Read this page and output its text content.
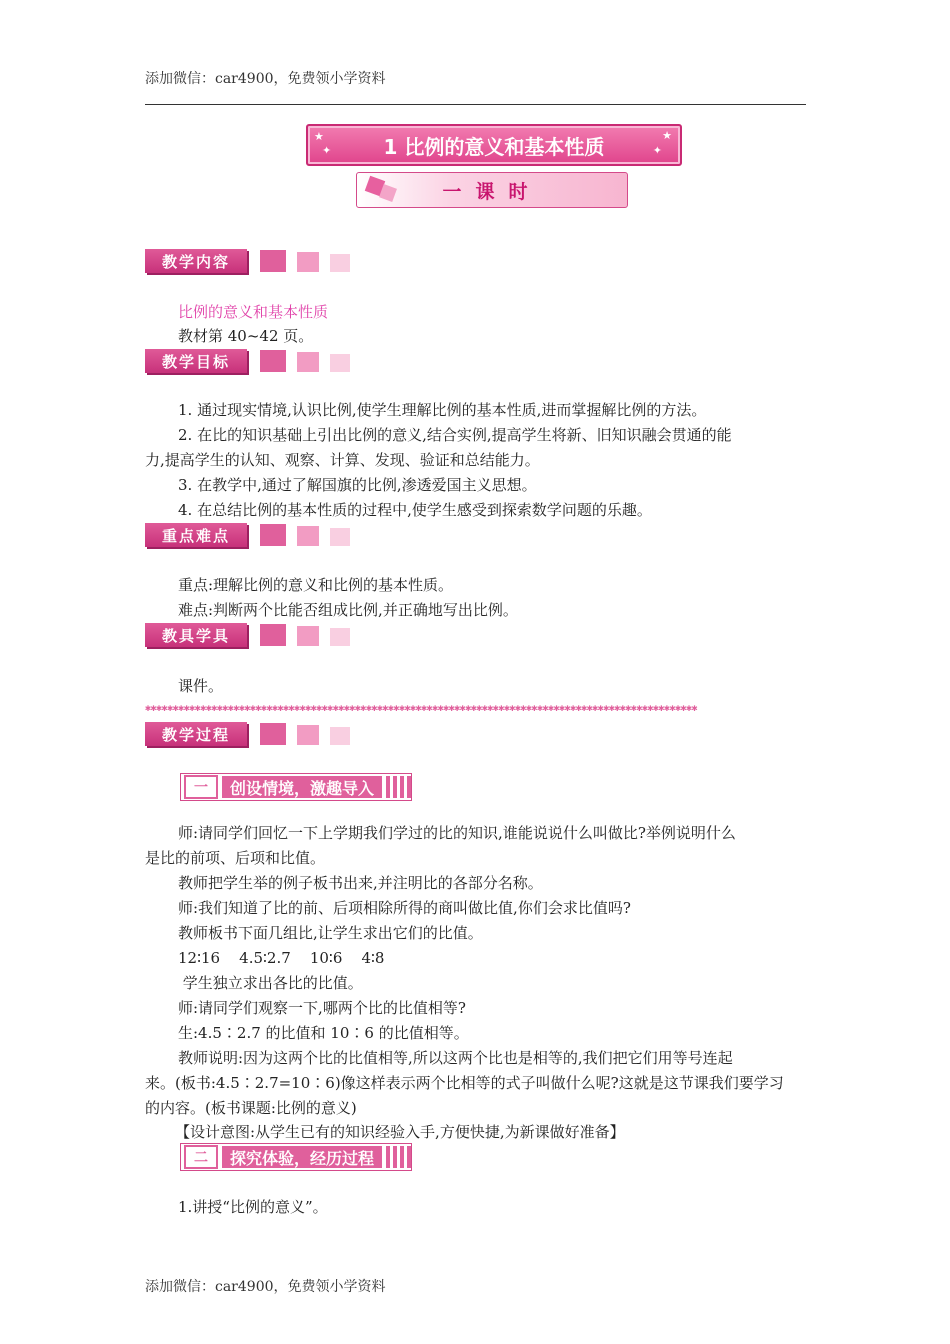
添加微信：car4900，免费领小学资料
★
✦
★
✦
1 比例的意义和基本性质
一课时
教学内容
比例的意义和基本性质
教材第 40~42 页。
教学目标
1. 通过现实情境,认识比例,使学生理解比例的基本性质,进而掌握解比例的方法。
2. 在比的知识基础上引出比例的意义,结合实例,提高学生将新、旧知识融会贯通的能
力,提高学生的认知、观察、计算、发现、验证和总结能力。
3. 在教学中,通过了解国旗的比例,渗透爱国主义思想。
4. 在总结比例的基本性质的过程中,使学生感受到探索数学问题的乐趣。
重点难点
重点:理解比例的意义和比例的基本性质。
难点:判断两个比能否组成比例,并正确地写出比例。
教具学具
课件。
✱✱✱✱✱✱✱✱✱✱✱✱✱✱✱✱✱✱✱✱✱✱✱✱✱✱✱✱✱✱✱✱✱✱✱✱✱✱✱✱✱✱✱✱✱✱✱✱✱✱✱✱✱✱✱✱✱✱✱✱✱✱✱✱✱✱✱✱✱✱✱✱✱✱✱✱✱✱✱✱✱✱✱✱✱✱✱✱✱✱✱✱✱✱✱✱✱✱✱✱
教学过程
一	创设情境，激趣导入
师:请同学们回忆一下上学期我们学过的比的知识,谁能说说什么叫做比?举例说明什么
是比的前项、后项和比值。
教师把学生举的例子板书出来,并注明比的各部分名称。
师:我们知道了比的前、后项相除所得的商叫做比值,你们会求比值吗?
教师板书下面几组比,让学生求出它们的比值。
12∶16    4.5∶2.7    10∶6    4∶8
学生独立求出各比的比值。
师:请同学们观察一下,哪两个比的比值相等?
生:4.5∶2.7 的比值和 10∶6 的比值相等。
教师说明:因为这两个比的比值相等,所以这两个比也是相等的,我们把它们用等号连起
来。(板书:4.5∶2.7=10∶6)像这样表示两个比相等的式子叫做什么呢?这就是这节课我们要学习
的内容。(板书课题:比例的意义)
【设计意图:从学生已有的知识经验入手,方便快捷,为新课做好准备】
二	探究体验，经历过程
1.讲授“比例的意义”。
添加微信：car4900，免费领小学资料
